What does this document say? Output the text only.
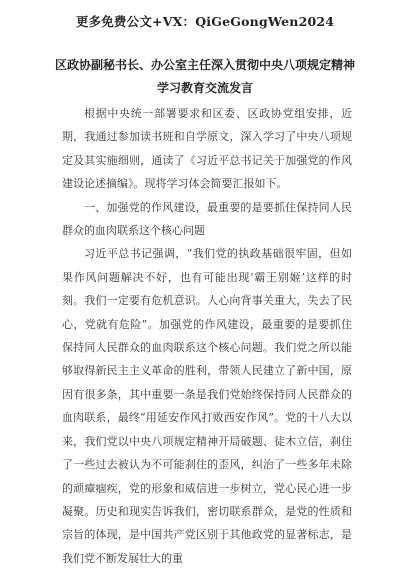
更多免费公文+VX：QiGeGongWen2024
区政协副秘书长、办公室主任深入贯彻中央八项规定精神
学习教育交流发言

根据中央统一部署要求和区委、区政协党组安排，近期，我通过参加读书班和自学原文，深入学习了中央八项规定及其实施细则，通读了《习近平总书记关于加强党的作风建设论述摘编》。现将学习体会简要汇报如下。

一、加强党的作风建设，最重要的是要抓住保持同人民群众的血肉联系这个核心问题

习近平总书记强调，“我们党的执政基础很牢固，但如果作风问题解决不好，也有可能出现‘霸王别姬’这样的时刻。我们一定要有危机意识。人心向背事关重大，失去了民心，党就有危险”。加强党的作风建设，最重要的是要抓住保持同人民群众的血肉联系这个核心问题。我们党之所以能够取得新民主主义革命的胜利，带领人民建立了新中国，原因有很多条，其中重要一条是我们党始终保持同人民群众的血肉联系，最终“用延安作风打败西安作风”。党的十八大以来，我们党以中央八项规定精神开局破题、徒木立信，刹住了一些过去被认为不可能刹住的歪风，纠治了一些多年未除的顽瘴痼疾，党的形象和威信进一步树立，党心民心进一步凝聚。历史和现实告诉我们，密切联系群众，是党的性质和宗旨的体现，是中国共产党区别于其他政党的显著标志，是我们党不断发展壮大的重
